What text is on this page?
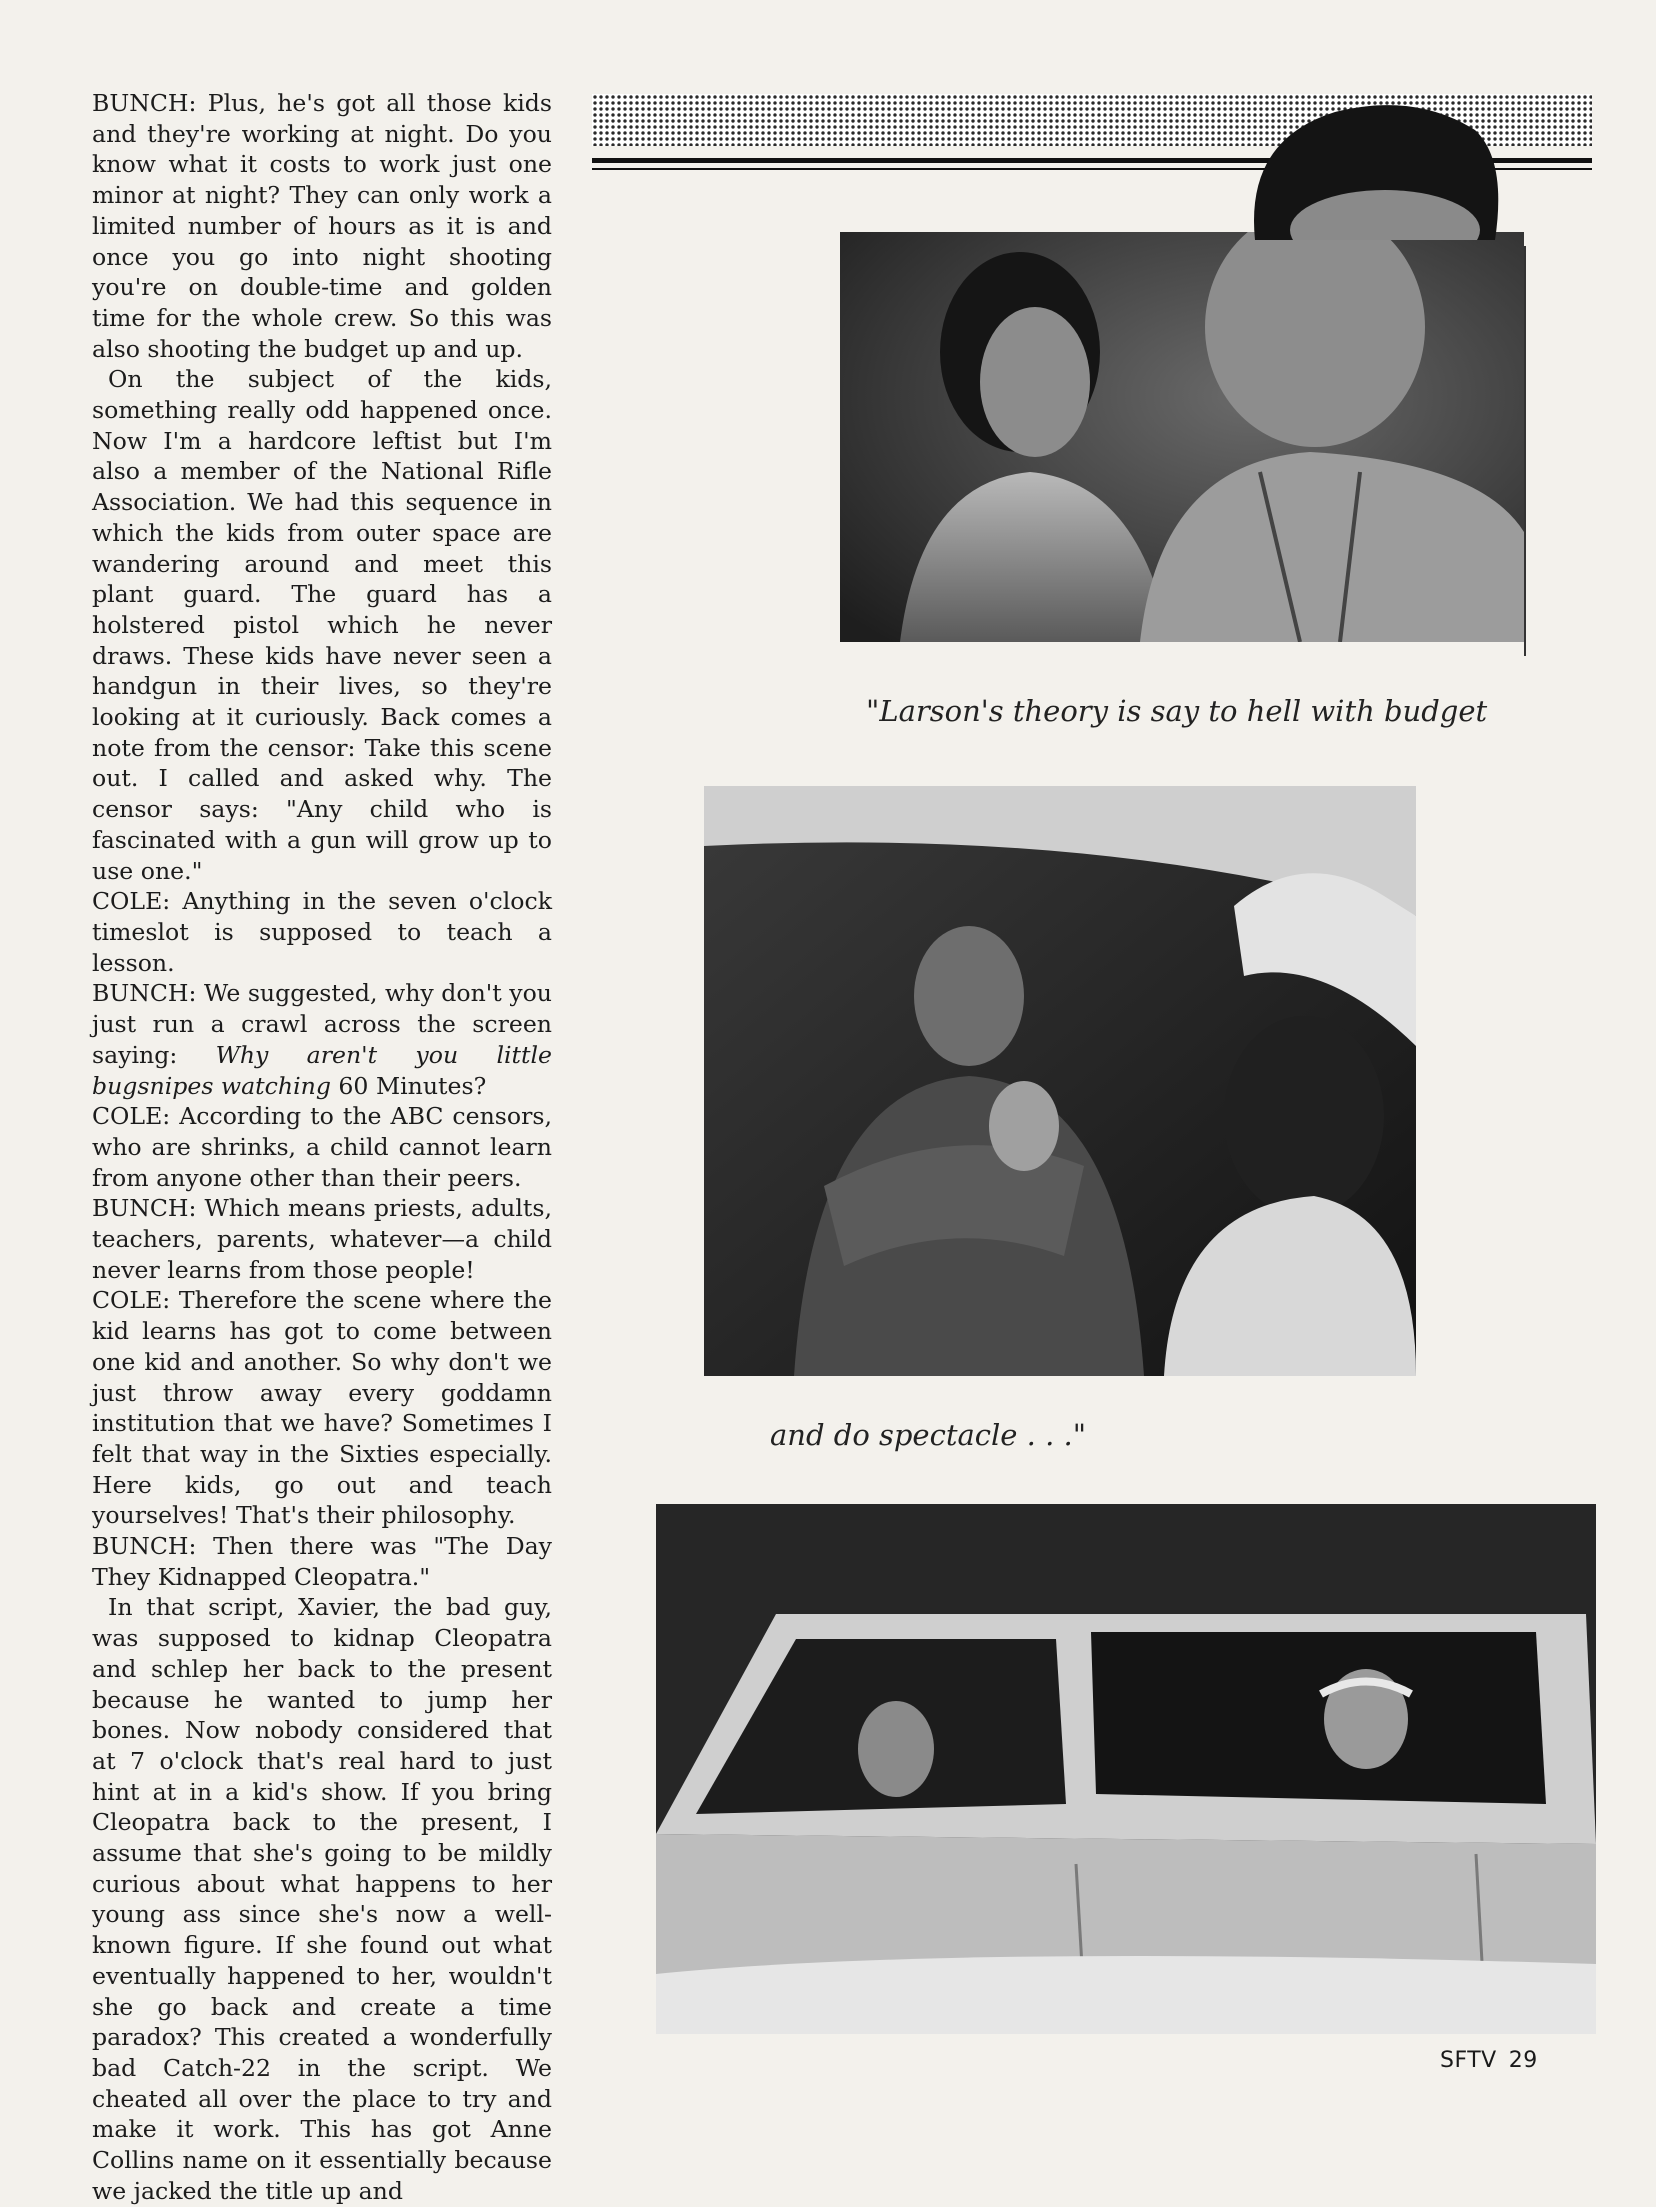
BUNCH: Plus, he's got all those kids and they're working at night. Do you know what it costs to work just one minor at night? They can only work a limited number of hours as it is and once you go into night shooting you're on double-time and golden time for the whole crew. So this was also shooting the budget up and up.

On the subject of the kids, something really odd happened once. Now I'm a hardcore leftist but I'm also a member of the National Rifle Association. We had this sequence in which the kids from outer space are wandering around and meet this plant guard. The guard has a holstered pistol which he never draws. These kids have never seen a handgun in their lives, so they're looking at it curiously. Back comes a note from the censor: Take this scene out. I called and asked why. The censor says: "Any child who is fascinated with a gun will grow up to use one."

COLE: Anything in the seven o'clock timeslot is supposed to teach a lesson.

BUNCH: We suggested, why don't you just run a crawl across the screen saying: Why aren't you little bugsnipes watching 60 Minutes?

COLE: According to the ABC censors, who are shrinks, a child cannot learn from anyone other than their peers.

BUNCH: Which means priests, adults, teachers, parents, whatever—a child never learns from those people!

COLE: Therefore the scene where the kid learns has got to come between one kid and another. So why don't we just throw away every goddamn institution that we have? Sometimes I felt that way in the Sixties especially. Here kids, go out and teach yourselves! That's their philosophy.

BUNCH: Then there was "The Day They Kidnapped Cleopatra."

In that script, Xavier, the bad guy, was supposed to kidnap Cleopatra and schlep her back to the present because he wanted to jump her bones. Now nobody considered that at 7 o'clock that's real hard to just hint at in a kid's show. If you bring Cleopatra back to the present, I assume that she's going to be mildly curious about what happens to her young ass since she's now a well-known figure. If she found out what eventually happened to her, wouldn't she go back and create a time paradox? This created a wonderfully bad Catch-22 in the script. We cheated all over the place to try and make it work. This has got Anne Collins name on it essentially because we jacked the title up and

"Larson's theory is say to hell with budget
and do spectacle . . ."
SFTV 29
